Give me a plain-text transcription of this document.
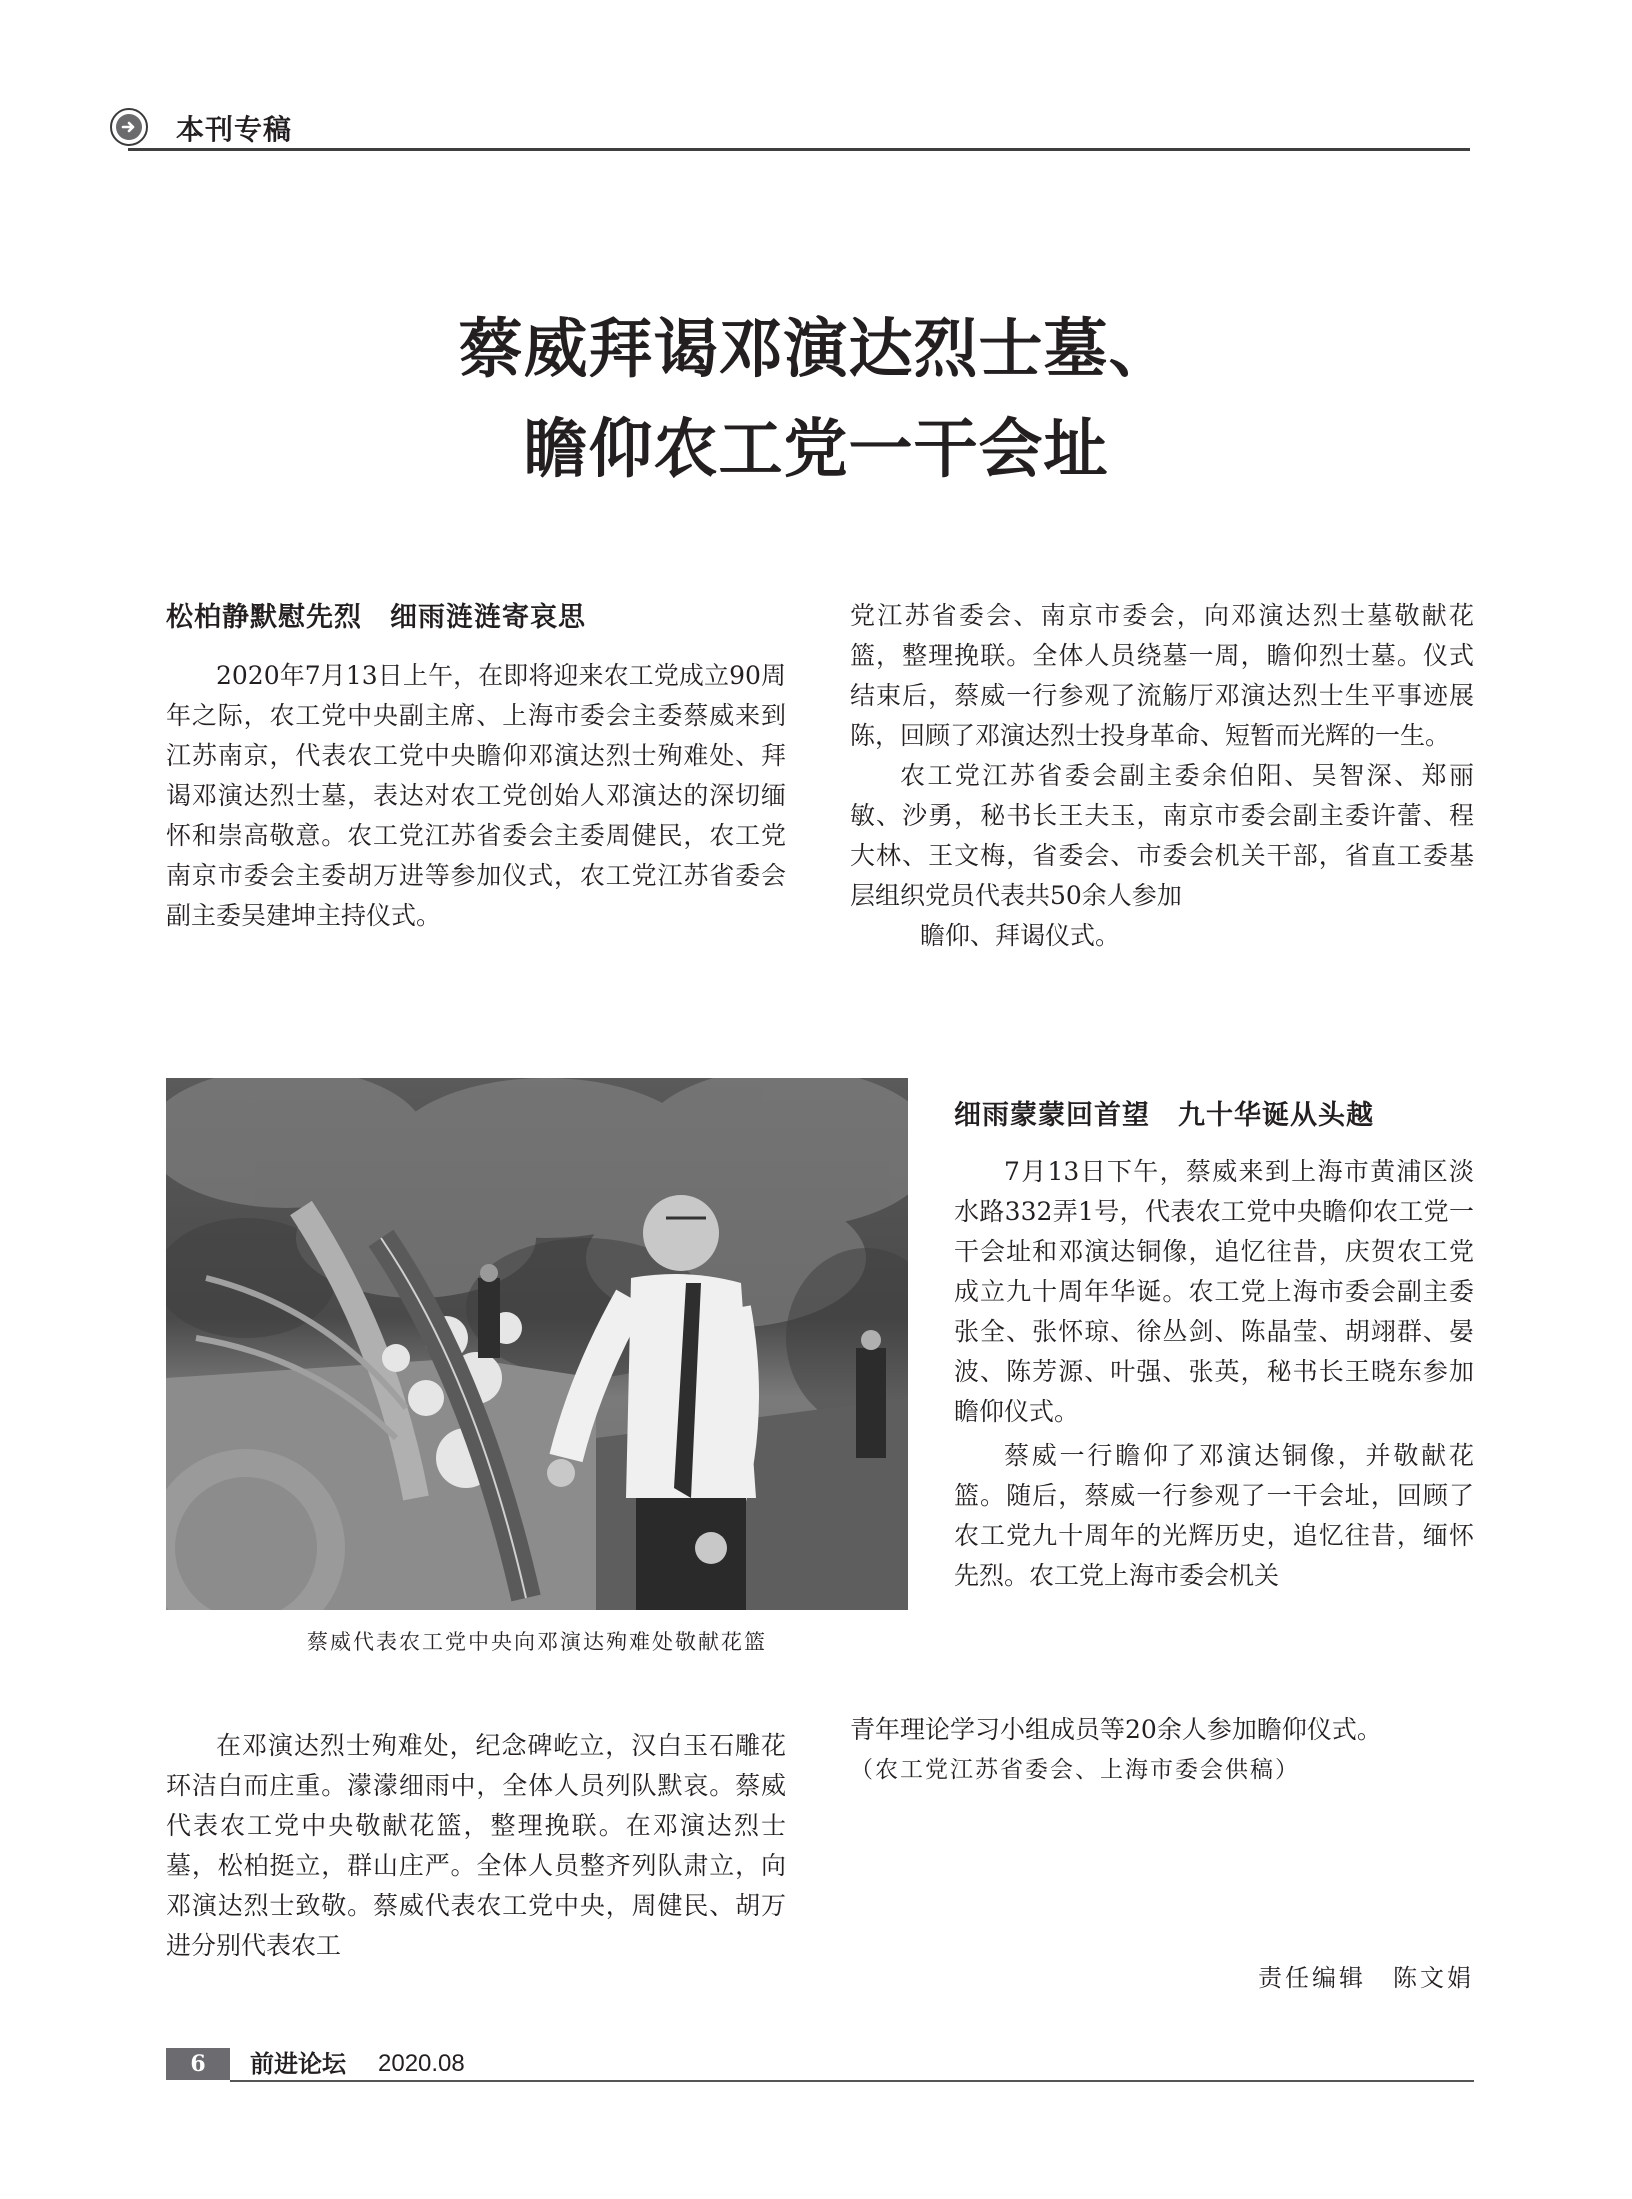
本刊专稿
蔡威拜谒邓演达烈士墓、
瞻仰农工党一干会址

松柏静默慰先烈　细雨涟涟寄哀思

2020年7月13日上午，在即将迎来农工党成立90周年之际，农工党中央副主席、上海市委会主委蔡威来到江苏南京，代表农工党中央瞻仰邓演达烈士殉难处、拜谒邓演达烈士墓，表达对农工党创始人邓演达的深切缅怀和崇高敬意。农工党江苏省委会主委周健民，农工党南京市委会主委胡万进等参加仪式，农工党江苏省委会副主委吴建坤主持仪式。

蔡威代表农工党中央向邓演达殉难处敬献花篮

在邓演达烈士殉难处，纪念碑屹立，汉白玉石雕花环洁白而庄重。濛濛细雨中，全体人员列队默哀。蔡威代表农工党中央敬献花篮，整理挽联。在邓演达烈士墓，松柏挺立，群山庄严。全体人员整齐列队肃立，向邓演达烈士致敬。蔡威代表农工党中央，周健民、胡万进分别代表农工

党江苏省委会、南京市委会，向邓演达烈士墓敬献花篮，整理挽联。全体人员绕墓一周，瞻仰烈士墓。仪式结束后，蔡威一行参观了流觞厅邓演达烈士生平事迹展陈，回顾了邓演达烈士投身革命、短暂而光辉的一生。

农工党江苏省委会副主委余伯阳、吴智深、郑丽敏、沙勇，秘书长王夫玉，南京市委会副主委许蕾、程大林、王文梅，省委会、市委会机关干部，省直工委基层组织党员代表共50余人参加

瞻仰、拜谒仪式。

细雨蒙蒙回首望　九十华诞从头越

7月13日下午，蔡威来到上海市黄浦区淡水路332弄1号，代表农工党中央瞻仰农工党一干会址和邓演达铜像，追忆往昔，庆贺农工党成立九十周年华诞。农工党上海市委会副主委张全、张怀琼、徐丛剑、陈晶莹、胡翊群、晏波、陈芳源、叶强、张英，秘书长王晓东参加瞻仰仪式。

蔡威一行瞻仰了邓演达铜像，并敬献花篮。随后，蔡威一行参观了一干会址，回顾了农工党九十周年的光辉历史，追忆往昔，缅怀先烈。农工党上海市委会机关

青年理论学习小组成员等20余人参加瞻仰仪式。

（农工党江苏省委会、上海市委会供稿）

责任编辑　陈文娟
6	前进论坛 2020.08
